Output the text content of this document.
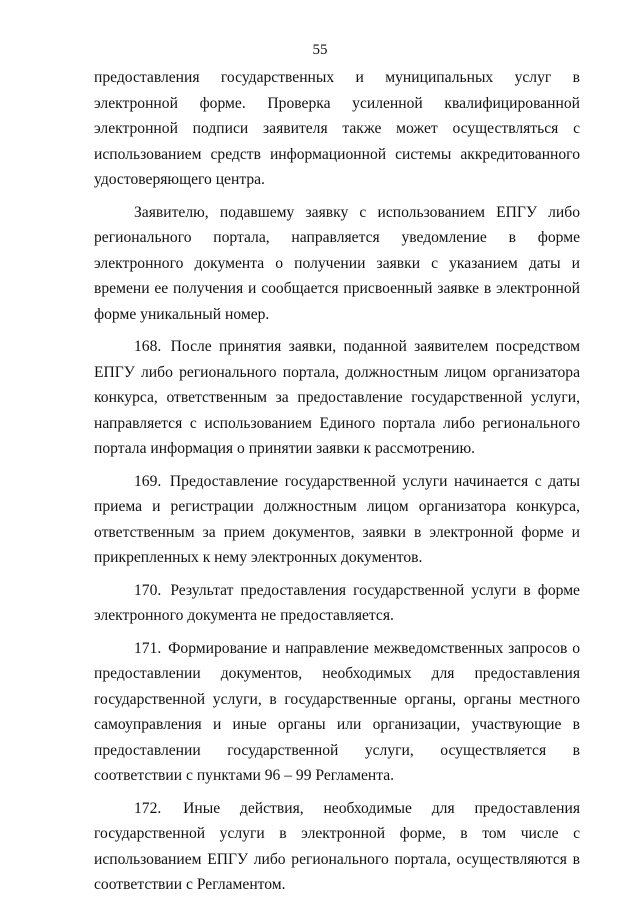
55

предоставления государственных и муниципальных услуг в электронной форме. Проверка усиленной квалифицированной электронной подписи заявителя также может осуществляться с использованием средств информационной системы аккредитованного удостоверяющего центра.

Заявителю, подавшему заявку с использованием ЕПГУ либо регионального портала, направляется уведомление в форме электронного документа о получении заявки с указанием даты и времени ее получения и сообщается присвоенный заявке в электронной форме уникальный номер.

168. После принятия заявки, поданной заявителем посредством ЕПГУ либо регионального портала, должностным лицом организатора конкурса, ответственным за предоставление государственной услуги, направляется с использованием Единого портала либо регионального портала информация о принятии заявки к рассмотрению.

169. Предоставление государственной услуги начинается с даты приема и регистрации должностным лицом организатора конкурса, ответственным за прием документов, заявки в электронной форме и прикрепленных к нему электронных документов.

170. Результат предоставления государственной услуги в форме электронного документа не предоставляется.

171. Формирование и направление межведомственных запросов о предоставлении документов, необходимых для предоставления государственной услуги, в государственные органы, органы местного самоуправления и иные органы или организации, участвующие в предоставлении государственной услуги, осуществляется в соответствии с пунктами 96 – 99 Регламента.

172. Иные действия, необходимые для предоставления государственной услуги в электронной форме, в том числе с использованием ЕПГУ либо регионального портала, осуществляются в соответствии с Регламентом.
